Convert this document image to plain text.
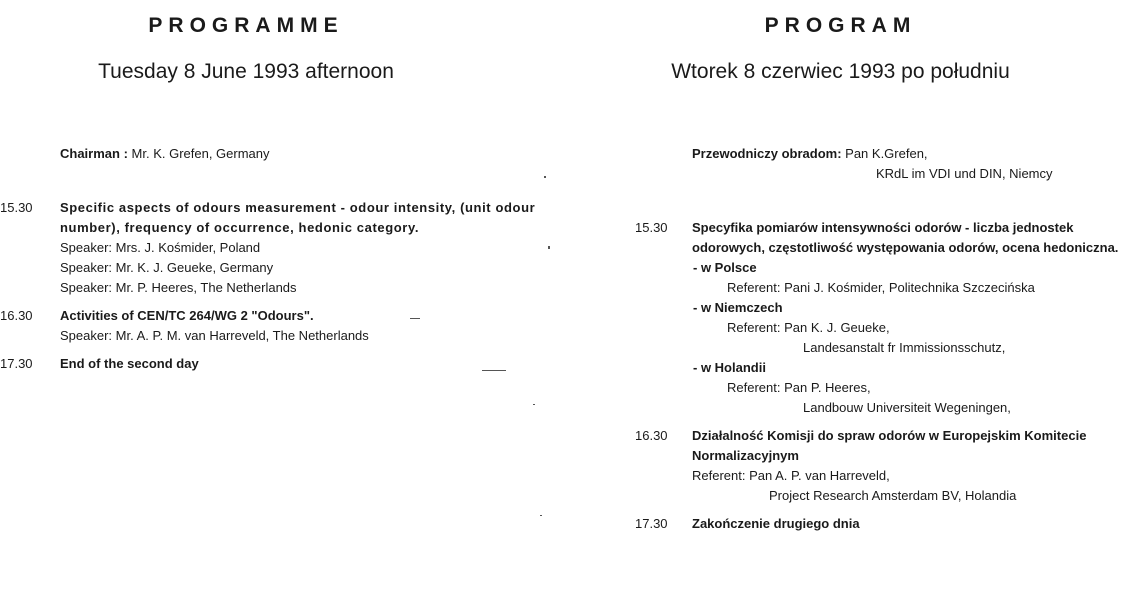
PROGRAMME
Tuesday 8 June 1993 afternoon
Chairman : Mr. K. Grefen, Germany
15.30 Specific aspects of odours measurement - odour intensity, (unit odour number), frequency of occurrence, hedonic category.
Speaker: Mrs. J. Kośmider, Poland
Speaker: Mr. K. J. Geueke, Germany
Speaker: Mr. P. Heeres, The Netherlands
16.30 Activities of CEN/TC 264/WG 2 "Odours".
Speaker: Mr. A. P. M. van Harreveld, The Netherlands
17.30 End of the second day
PROGRAM
Wtorek 8 czerwiec 1993 po południu
Przewodniczy obradom: Pan K.Grefen,
KRdL im VDI und DIN, Niemcy
15.30 Specyfika pomiarów intensywności odorów - liczba jednostek odorowych, częstotliwość występowania odorów, ocena hedoniczna.
- w Polsce
Referent: Pani J. Kośmider, Politechnika Szczecińska
- w Niemczech
Referent: Pan K. J. Geueke,
Landesanstalt fr Immissionsschutz,
- w Holandii
Referent: Pan P. Heeres,
Landbouw Universiteit Wegeningen,
16.30 Działalność Komisji do spraw odorów w Europejskim Komitecie Normalizacyjnym
Referent: Pan A. P. van Harreveld,
Project Research Amsterdam BV, Holandia
17.30 Zakończenie drugiego dnia
